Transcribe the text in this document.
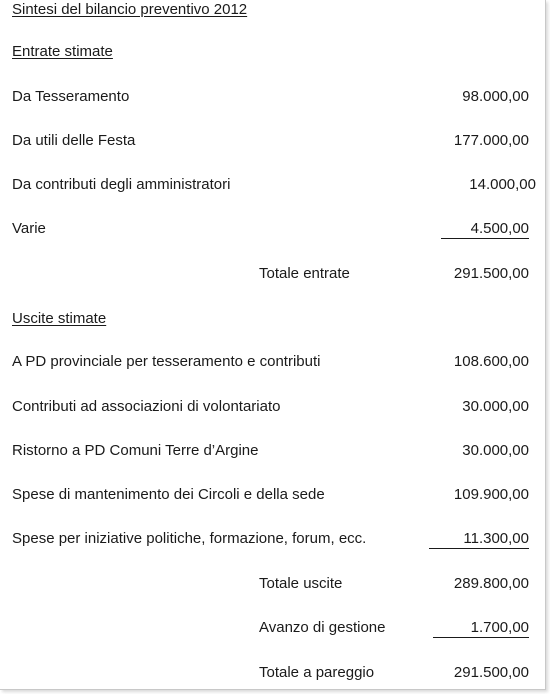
Sintesi del bilancio preventivo 2012
Entrate stimate
Da Tesseramento	98.000,00
Da utili delle Festa	177.000,00
Da contributi degli amministratori	14.000,00
Varie	4.500,00
Totale entrate	291.500,00
Uscite stimate
A PD provinciale per tesseramento e contributi	108.600,00
Contributi ad associazioni di volontariato	30.000,00
Ristorno a PD Comuni Terre d’Argine	30.000,00
Spese di mantenimento dei Circoli e della sede	109.900,00
Spese per iniziative politiche, formazione, forum, ecc.	11.300,00
Totale uscite	289.800,00
Avanzo di gestione	1.700,00
Totale a pareggio	291.500,00
